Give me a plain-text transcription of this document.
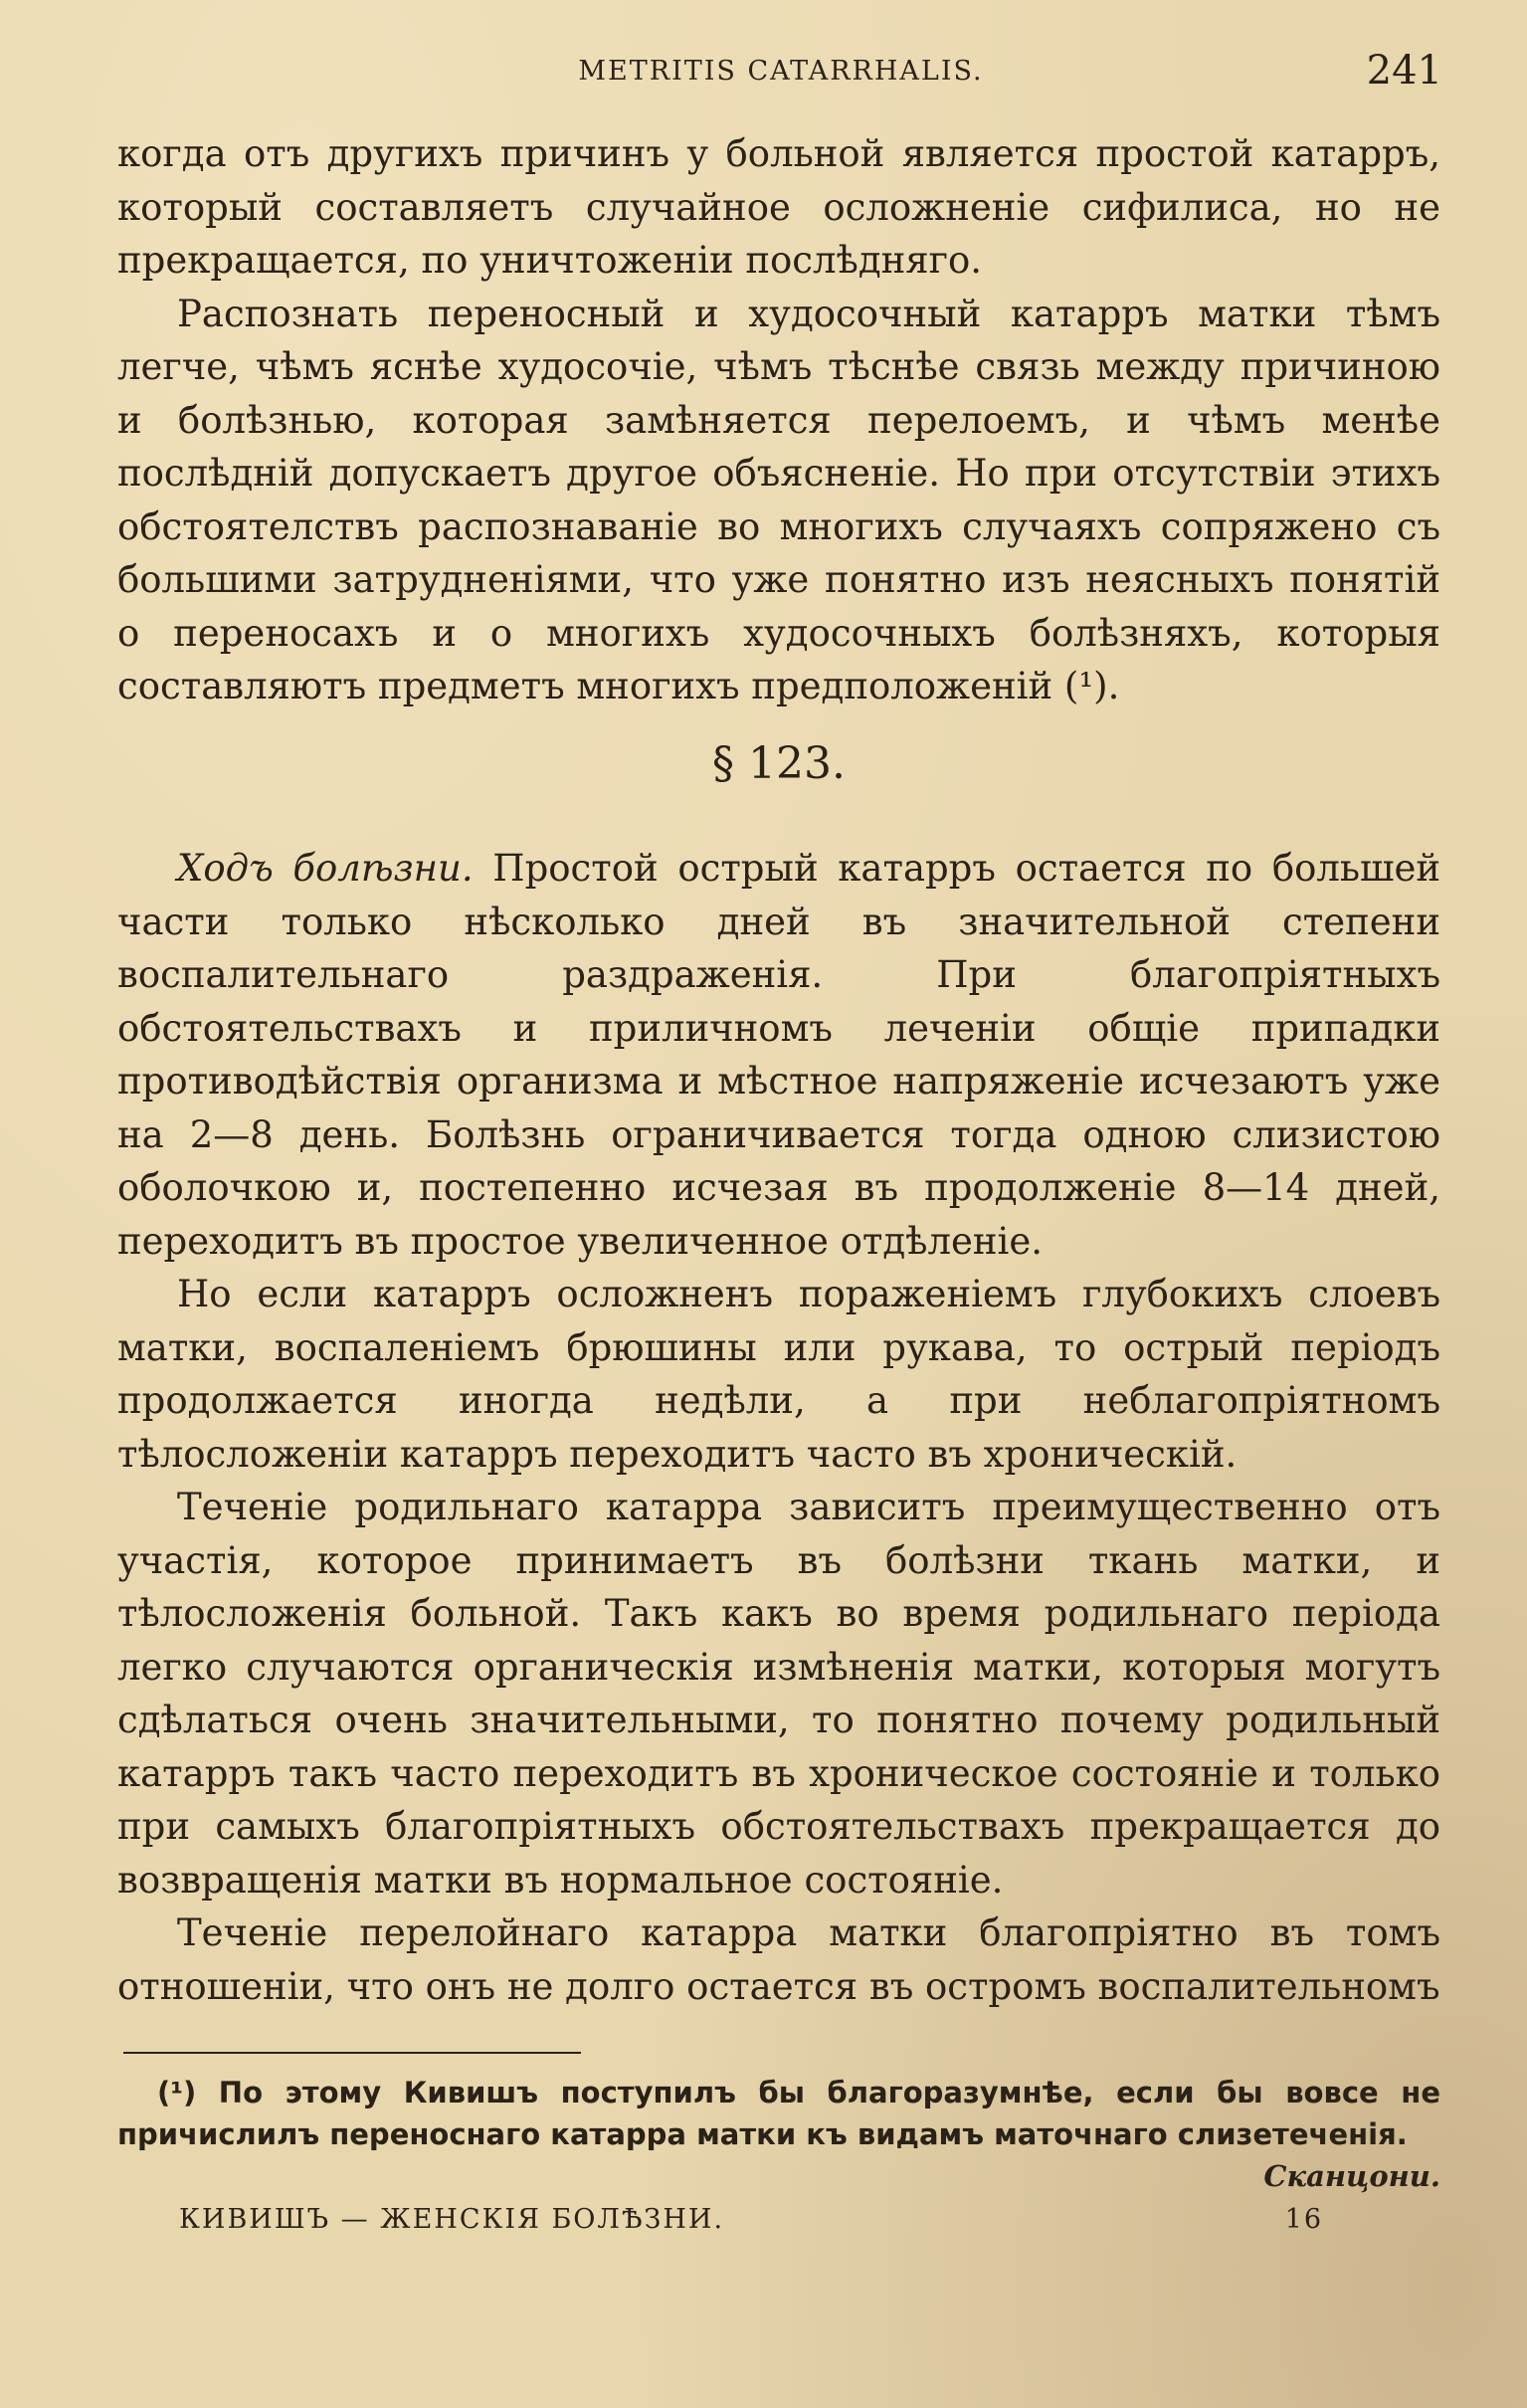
METRITIS CATARRHALIS.	241

когда отъ другихъ причинъ у больной является простой катарръ, который составляетъ случайное осложненіе сифилиса, но не прекращается, по уничтоженіи послѣдняго.

Распознать переносный и худосочный катарръ матки тѣмъ легче, чѣмъ яснѣе худосочіе, чѣмъ тѣснѣе связь между причиною и болѣзнью, которая замѣняется перелоемъ, и чѣмъ менѣе послѣдній допускаетъ другое объясненіе. Но при отсутствіи этихъ обстоятелствъ распознаваніе во многихъ случаяхъ сопряжено съ большими затрудненіями, что уже понятно изъ неясныхъ понятій о переносахъ и о многихъ худосочныхъ болѣзняхъ, которыя составляютъ предметъ многихъ предположеній (¹).

§ 123.

Ходъ болѣзни. Простой острый катарръ остается по большей части только нѣсколько дней въ значительной степени воспалительнаго раздраженія. При благопріятныхъ обстоятельствахъ и приличномъ леченіи общіе припадки противодѣйствія организма и мѣстное напряженіе исчезаютъ уже на 2—8 день. Болѣзнь ограничивается тогда одною слизистою оболочкою и, постепенно исчезая въ продолженіе 8—14 дней, переходитъ въ простое увеличенное отдѣленіе.

Но если катарръ осложненъ пораженіемъ глубокихъ слоевъ матки, воспаленіемъ брюшины или рукава, то острый періодъ продолжается иногда недѣли, а при неблагопріятномъ тѣлосложеніи катарръ переходитъ часто въ хроническій.

Теченіе родильнаго катарра зависитъ преимущественно отъ участія, которое принимаетъ въ болѣзни ткань матки, и тѣлосложенія больной. Такъ какъ во время родильнаго періода легко случаются органическія измѣненія матки, которыя могутъ сдѣлаться очень значительными, то понятно почему родильный катарръ такъ часто переходитъ въ хроническое состояніе и только при самыхъ благопріятныхъ обстоятельствахъ прекращается до возвращенія матки въ нормальное состояніе.

Теченіе перелойнаго катарра матки благопріятно въ томъ отношеніи, что онъ не долго остается въ остромъ воспалительномъ

(¹) По этому Кивишъ поступилъ бы благоразумнѣе, если бы вовсе не причислилъ переноснаго катарра матки къ видамъ маточнаго слизетеченія.

Сканцони.
КИВИШЪ — ЖЕНСКІЯ БОЛѢЗНИ.	16
